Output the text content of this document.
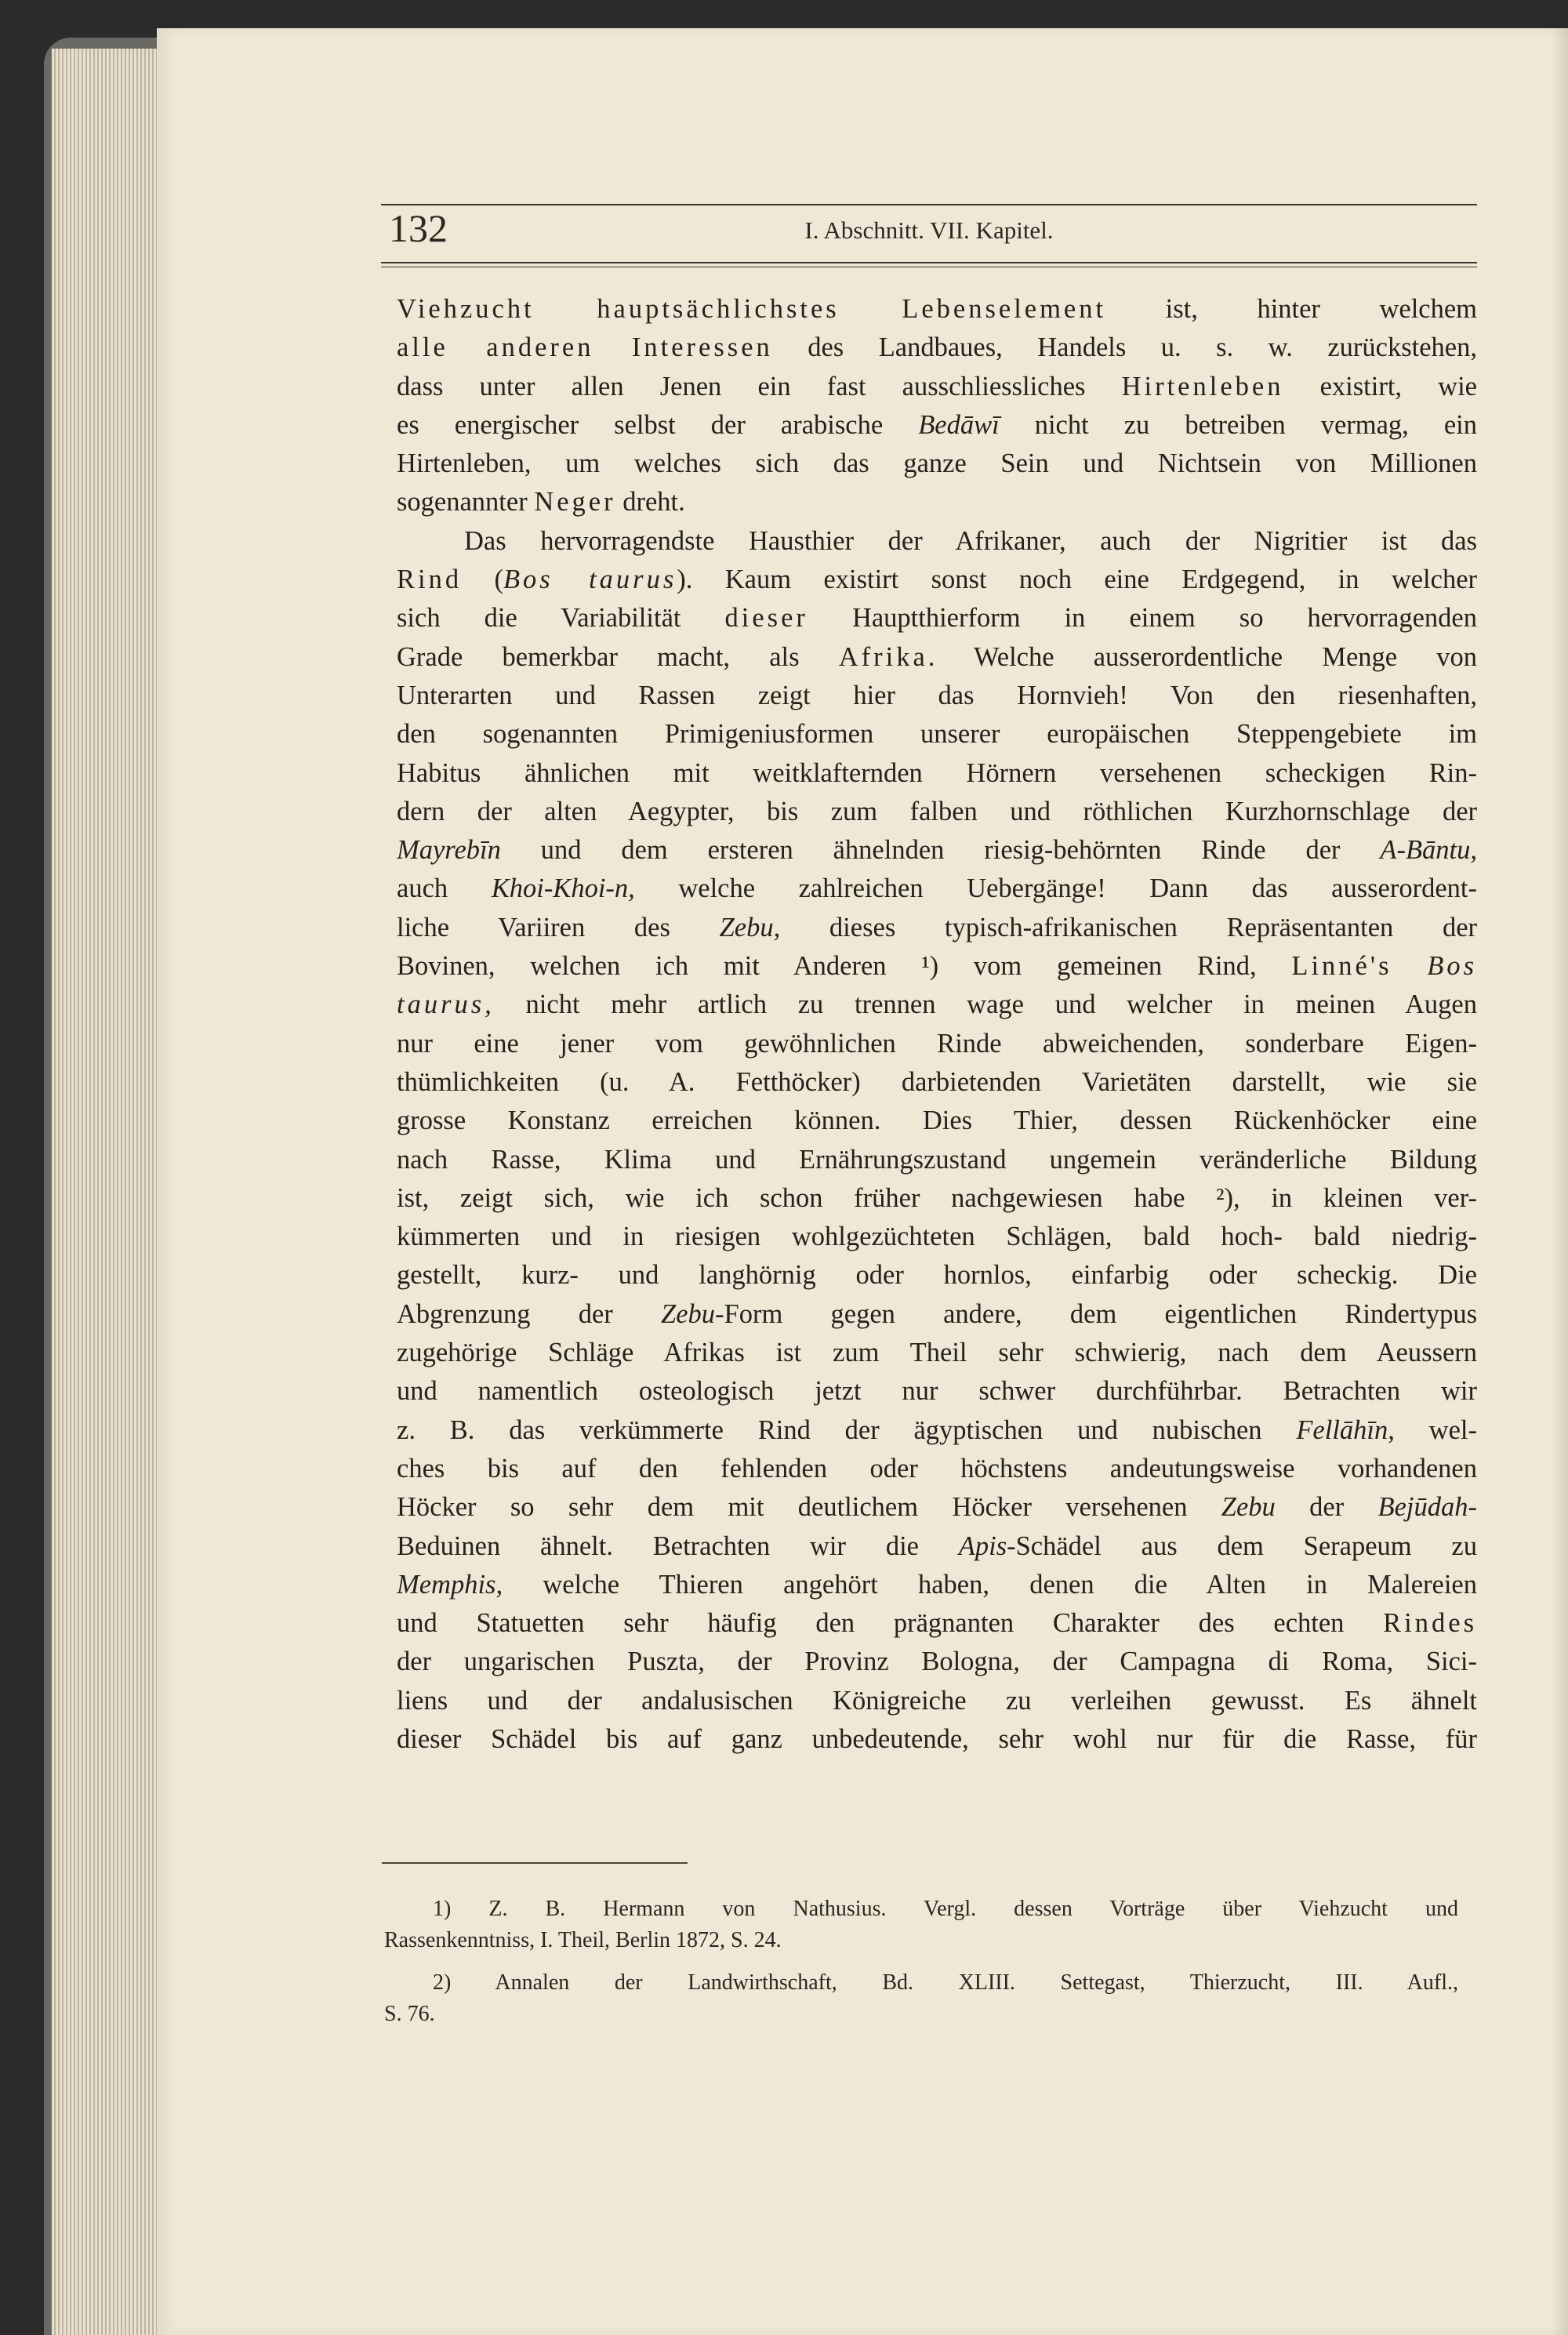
132	I. Abschnitt. VII. Kapitel.
Viehzucht hauptsächlichstes Lebenselement ist, hinter welchem
alle anderen Interessen des Landbaues, Handels u. s. w. zurückstehen,
dass unter allen Jenen ein fast ausschliessliches Hirtenleben existirt, wie
es energischer selbst der arabische Bedāwī nicht zu betreiben vermag, ein
Hirtenleben, um welches sich das ganze Sein und Nichtsein von Millionen
sogenannter Neger dreht.
Das hervorragendste Hausthier der Afrikaner, auch der Nigritier ist das
Rind (Bos taurus). Kaum existirt sonst noch eine Erdgegend, in welcher
sich die Variabilität dieser Hauptthierform in einem so hervorragenden
Grade bemerkbar macht, als Afrika. Welche ausserordentliche Menge von
Unterarten und Rassen zeigt hier das Hornvieh! Von den riesenhaften,
den sogenannten Primigeniusformen unserer europäischen Steppengebiete im
Habitus ähnlichen mit weitklafternden Hörnern versehenen scheckigen Rin-
dern der alten Aegypter, bis zum falben und röthlichen Kurzhornschlage der
Mayrebīn und dem ersteren ähnelnden riesig-behörnten Rinde der A-Bāntu,
auch Khoi-Khoi-n, welche zahlreichen Uebergänge! Dann das ausserordent-
liche Variiren des Zebu, dieses typisch-afrikanischen Repräsentanten der
Bovinen, welchen ich mit Anderen ¹) vom gemeinen Rind, Linné's Bos
taurus, nicht mehr artlich zu trennen wage und welcher in meinen Augen
nur eine jener vom gewöhnlichen Rinde abweichenden, sonderbare Eigen-
thümlichkeiten (u. A. Fetthöcker) darbietenden Varietäten darstellt, wie sie
grosse Konstanz erreichen können. Dies Thier, dessen Rückenhöcker eine
nach Rasse, Klima und Ernährungszustand ungemein veränderliche Bildung
ist, zeigt sich, wie ich schon früher nachgewiesen habe ²), in kleinen ver-
kümmerten und in riesigen wohlgezüchteten Schlägen, bald hoch- bald niedrig-
gestellt, kurz- und langhörnig oder hornlos, einfarbig oder scheckig. Die
Abgrenzung der Zebu-Form gegen andere, dem eigentlichen Rindertypus
zugehörige Schläge Afrikas ist zum Theil sehr schwierig, nach dem Aeussern
und namentlich osteologisch jetzt nur schwer durchführbar. Betrachten wir
z. B. das verkümmerte Rind der ägyptischen und nubischen Fellāhīn, wel-
ches bis auf den fehlenden oder höchstens andeutungsweise vorhandenen
Höcker so sehr dem mit deutlichem Höcker versehenen Zebu der Bejūdah-
Beduinen ähnelt. Betrachten wir die Apis-Schädel aus dem Serapeum zu
Memphis, welche Thieren angehört haben, denen die Alten in Malereien
und Statuetten sehr häufig den prägnanten Charakter des echten Rindes
der ungarischen Puszta, der Provinz Bologna, der Campagna di Roma, Sici-
liens und der andalusischen Königreiche zu verleihen gewusst. Es ähnelt
dieser Schädel bis auf ganz unbedeutende, sehr wohl nur für die Rasse, für
1) Z. B. Hermann von Nathusius. Vergl. dessen Vorträge über Viehzucht und
Rassenkenntniss, I. Theil, Berlin 1872, S. 24.
2) Annalen der Landwirthschaft, Bd. XLIII. Settegast, Thierzucht, III. Aufl.,
S. 76.
